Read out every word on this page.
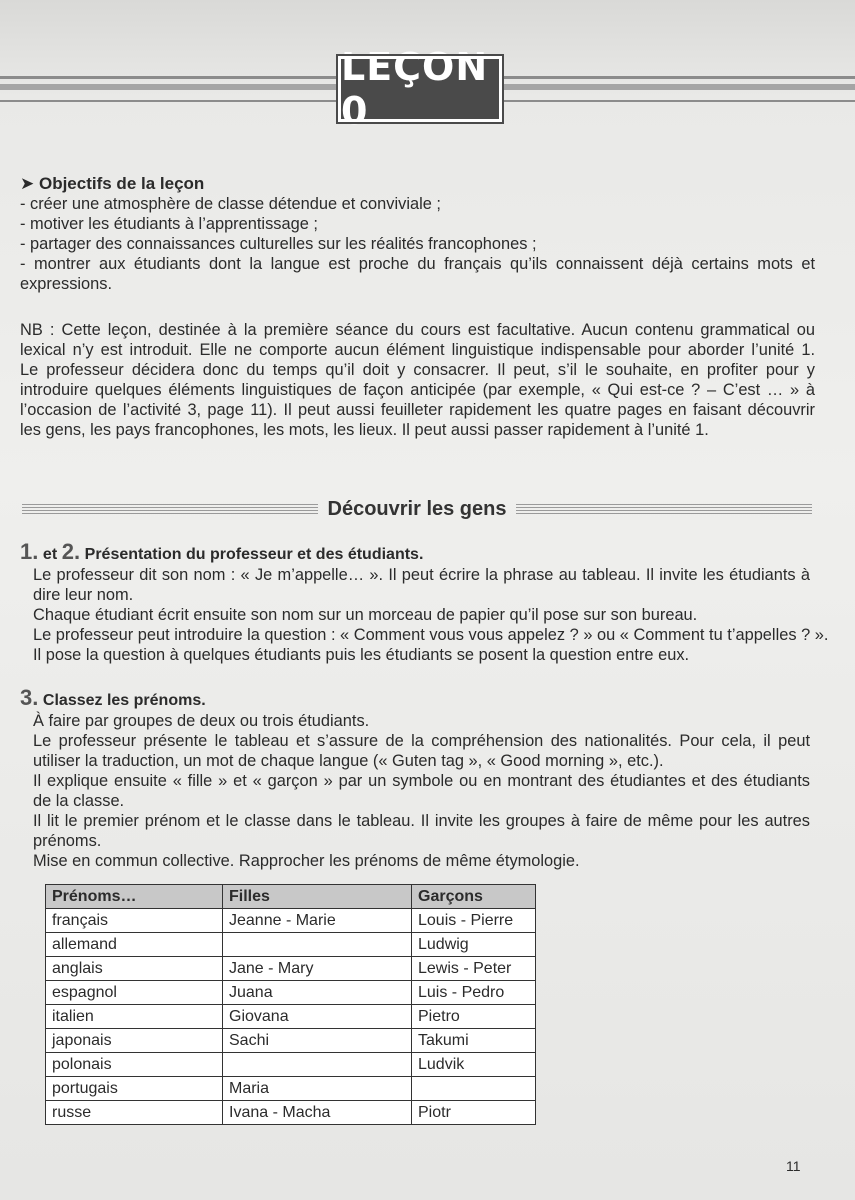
LEÇON 0
➤ Objectifs de la leçon
- créer une atmosphère de classe détendue et conviviale ;
- motiver les étudiants à l’apprentissage ;
- partager des connaissances culturelles sur les réalités francophones ;
- montrer aux étudiants dont la langue est proche du français qu’ils connaissent déjà certains mots et
expressions.
NB : Cette leçon, destinée à la première séance du cours est facultative. Aucun contenu grammatical ou
lexical n’y est introduit. Elle ne comporte aucun élément linguistique indispensable pour aborder l’unité 1.
Le professeur décidera donc du temps qu’il doit y consacrer. Il peut, s’il le souhaite, en profiter pour y
introduire quelques éléments linguistiques de façon anticipée (par exemple, « Qui est-ce ? – C’est … » à
l’occasion de l’activité 3, page 11). Il peut aussi feuilleter rapidement les quatre pages en faisant découvrir
les gens, les pays francophones, les mots, les lieux. Il peut aussi passer rapidement à l’unité 1.
Découvrir les gens
1. et 2. Présentation du professeur et des étudiants.
Le professeur dit son nom : « Je m’appelle… ». Il peut écrire la phrase au tableau. Il invite les étudiants à
dire leur nom.
Chaque étudiant écrit ensuite son nom sur un morceau de papier qu’il pose sur son bureau.
Le professeur peut introduire la question : « Comment vous vous appelez ? » ou « Comment tu t’appelles ? ».
Il pose la question à quelques étudiants puis les étudiants se posent la question entre eux.
3. Classez les prénoms.
À faire par groupes de deux ou trois étudiants.
Le professeur présente le tableau et s’assure de la compréhension des nationalités. Pour cela, il peut
utiliser la traduction, un mot de chaque langue (« Guten tag », « Good morning », etc.).
Il explique ensuite « fille » et « garçon » par un symbole ou en montrant des étudiantes et des étudiants
de la classe.
Il lit le premier prénom et le classe dans le tableau. Il invite les groupes à faire de même pour les autres
prénoms.
Mise en commun collective. Rapprocher les prénoms de même étymologie.
Prénoms…	Filles	Garçons
français	Jeanne - Marie	Louis - Pierre
allemand		Ludwig
anglais	Jane - Mary	Lewis - Peter
espagnol	Juana	Luis - Pedro
italien	Giovana	Pietro
japonais	Sachi	Takumi
polonais		Ludvik
portugais	Maria	
russe	Ivana - Macha	Piotr
11
